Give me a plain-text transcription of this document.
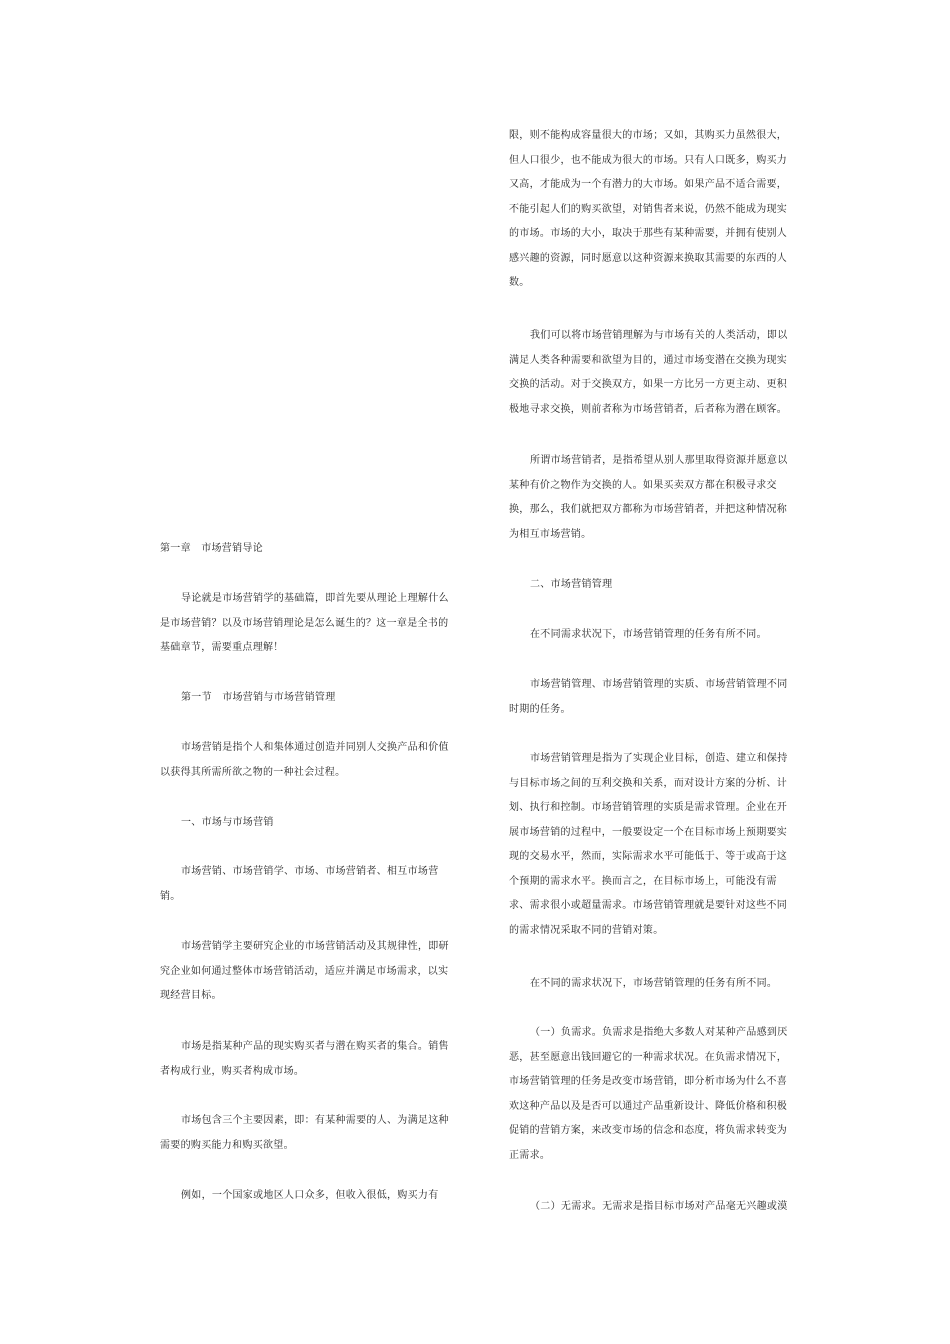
第一章　市场营销导论

导论就是市场营销学的基础篇，即首先要从理论上理解什么是市场营销？以及市场营销理论是怎么诞生的？这一章是全书的基础章节，需要重点理解！

第一节　市场营销与市场营销管理

市场营销是指个人和集体通过创造并同别人交换产品和价值以获得其所需所欲之物的一种社会过程。

一、市场与市场营销

市场营销、市场营销学、市场、市场营销者、相互市场营销。

市场营销学主要研究企业的市场营销活动及其规律性，即研究企业如何通过整体市场营销活动，适应并满足市场需求，以实现经营目标。

市场是指某种产品的现实购买者与潜在购买者的集合。销售者构成行业，购买者构成市场。

市场包含三个主要因素，即：有某种需要的人、为满足这种需要的购买能力和购买欲望。

例如，一个国家或地区人口众多，但收入很低，购买力有

限，则不能构成容量很大的市场；又如，其购买力虽然很大，但人口很少，也不能成为很大的市场。只有人口既多，购买力又高，才能成为一个有潜力的大市场。如果产品不适合需要，不能引起人们的购买欲望，对销售者来说，仍然不能成为现实的市场。市场的大小，取决于那些有某种需要，并拥有使别人感兴趣的资源，同时愿意以这种资源来换取其需要的东西的人数。

我们可以将市场营销理解为与市场有关的人类活动，即以满足人类各种需要和欲望为目的，通过市场变潜在交换为现实交换的活动。对于交换双方，如果一方比另一方更主动、更积极地寻求交换，则前者称为市场营销者，后者称为潜在顾客。

所谓市场营销者，是指希望从别人那里取得资源并愿意以某种有价之物作为交换的人。如果买卖双方都在积极寻求交换，那么，我们就把双方都称为市场营销者，并把这种情况称为相互市场营销。

二、市场营销管理

在不同需求状况下，市场营销管理的任务有所不同。

市场营销管理、市场营销管理的实质、市场营销管理不同时期的任务。

市场营销管理是指为了实现企业目标，创造、建立和保持与目标市场之间的互利交换和关系，而对设计方案的分析、计划、执行和控制。市场营销管理的实质是需求管理。企业在开展市场营销的过程中，一般要设定一个在目标市场上预期要实现的交易水平，然而，实际需求水平可能低于、等于或高于这个预期的需求水平。换而言之，在目标市场上，可能没有需求、需求很小或超量需求。市场营销管理就是要针对这些不同的需求情况采取不同的营销对策。

在不同的需求状况下，市场营销管理的任务有所不同。

（一）负需求。负需求是指绝大多数人对某种产品感到厌恶，甚至愿意出钱回避它的一种需求状况。在负需求情况下，市场营销管理的任务是改变市场营销，即分析市场为什么不喜欢这种产品以及是否可以通过产品重新设计、降低价格和积极促销的营销方案，来改变市场的信念和态度，将负需求转变为正需求。

（二）无需求。无需求是指目标市场对产品毫无兴趣或漠
